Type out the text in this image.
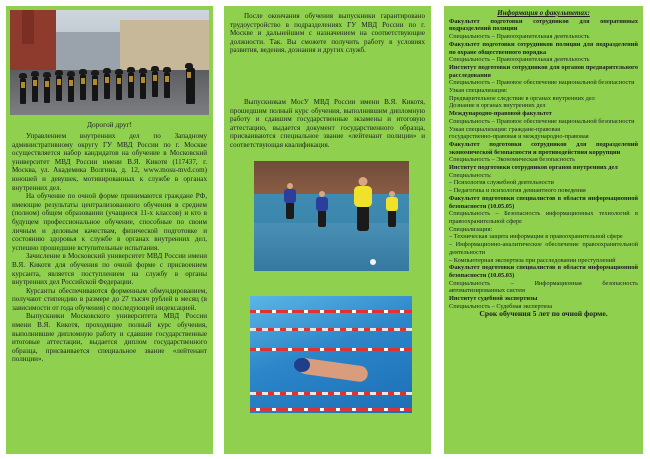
Дорогой друг!

Управлением внутренних дел по Западному административному округу ГУ МВД России по г. Москве осуществляется набор кандидатов на обучение в Московский университет МВД России имени В.Я. Кикотя (117437, г. Москва, ул. Академика Волгина, д. 12, www.mosu-mvd.com) юношей и девушек, мотивированных к службе в органах внутренних дел.

На обучение по очной форме принимаются граждане РФ, имеющие результаты централизованного обучения в среднем (полном) общем образовании (учащиеся 11-х классов) и кто в будущем профессиональное обучение, способные по своим личным и деловым качествам, физической подготовке и состоянию здоровья к службе в органах внутренних дел, успешно прошедшие вступительные испытания.

Зачисление в Московский университет МВД России имени В.Я. Кикотя для обучения по очной форме с присвоением курсанта, является поступлением на службу в органы внутренних дел Российской Федерации.

Курсанты обеспечиваются форменным обмундированием, получают стипендию в размере до 27 тысяч рублей в месяц (в зависимости от года обучения) с последующей индексацией.

Выпускники Московского университета МВД России имени В.Я. Кикотя, проходящие полный курс обучения, выполнившие дипломную работу и сдавшие государственные итоговые аттестации, выдается диплом государственного образца, присваивается специальное звание «лейтенант полиции».

После окончания обучения выпускники гарантировано трудоустройство в подразделениях ГУ МВД России по г. Москве и дальнейшим с назначением на соответствующие должности. Так. Вы сможете получить работу в условиях развития, ведения, дознания и других служб.

Выпускникам МосУ МВД России имени В.Я. Кикотя, прошедшим полный курс обучения, выполнившим дипломную работу и сдавшим государственные экзамены и итоговую аттестацию, выдается документ государственного образца, присваиваются специальное звание «лейтенант полиции» и соответствующая квалификация.

Информация о факультетах:
Факультет подготовки сотрудников для оперативных подразделений полиции
Специальность – Правоохранительная деятельность
Факультет подготовки сотрудников полиции для подразделений по охране общественного порядка
Специальность – Правоохранительная деятельность
Институт подготовки сотрудников для органов предварительного расследования
Специальность – Правовое обеспечение национальной безопасности
Узкая специализация:
Предварительное следствие в органах внутренних дел
Дознание в органах внутренних дел
Международно-правовой факультет
Специальность – Правовое обеспечение национальной безопасности
Узкая специализация: граждане-правовая
государственно-правовая и международно-правовая
Факультет подготовки сотрудников для подразделений экономической безопасности и противодействия коррупции
Специальность – Экономическая безопасность
Институт подготовки сотрудников органов внутренних дел
Специальность:
– Психология служебной деятельности
– Педагогика и психология девиантного поведения
Факультет подготовки специалистов в области информационной безопасности (10.05.05)
Специальность – Безопасность информационных технологий в правоохранительной сфере
Специализация:
– Техническая защита информации в правоохранительной сфере
– Информационно-аналитическое обеспечение правоохранительной деятельности
– Компьютерная экспертиза при расследовании преступлений
Факультет подготовки специалистов в области информационной безопасности (10.05.03)
Специальность – Информационная безопасность автоматизированных систем
Институт судебной экспертизы
Специальность – Судебная экспертиза
Срок обучения 5 лет по очной форме.
